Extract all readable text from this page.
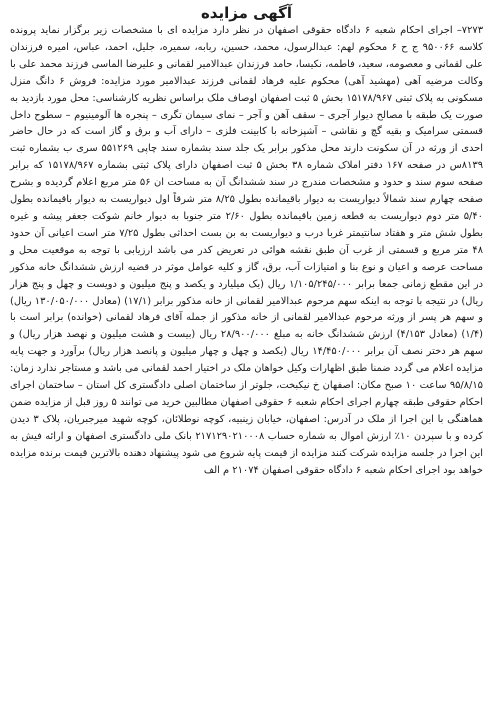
آگهی مزایده

۷۲۷۳– اجرای احکام شعبه ۶ دادگاه حقوقی اصفهان در نظر دارد مزایده ای با مشخصات زیر برگزار نماید پرونده کلاسه ۹۵۰۰۶۶ ج ح ۶ محکوم لهم: عبدالرسول، محمد، حسین، ربابه، سمیره، جلیل، احمد، عباس، امیره فرزندان علی لقمانی و معصومه، سعید، فاطمه، نکیسا، حامد فرزندان عبدالامیر لقمانی و علیرضا الماسی فرزند محمد علی با وکالت مرضیه آهی (مهشید آهی) محکوم علیه فرهاد لقمانی فرزند عبدالامیر مورد مزایده: فروش ۶ دانگ منزل مسکونی به پلاک ثبتی ۱۵۱۷۸/۹۶۷ بخش ۵ ثبت اصفهان اوصاف ملک براساس نظریه کارشناسی: محل مورد بازدید به صورت یک طبقه با مصالح دیوار آجری – سقف آهن و آجر – نمای سیمان تگری – پنجره ها آلومینیوم – سطوح داخل قسمتی سرامیک و بقیه گچ و نقاشی – آشپزخانه با کابینت فلزی – دارای آب و برق و گاز است که در حال حاضر احدی از ورثه در آن سکونت دارند محل مذکور برابر یک جلد سند بشماره سند چاپی ۵۵۱۲۶۹ سری ب بشماره ثبت ۸۱۳۹س در صفحه ۱۶۷ دفتر املاک شماره ۳۸ بخش ۵ ثبت اصفهان دارای پلاک ثبتی بشماره ۱۵۱۷۸/۹۶۷ که برابر صفحه سوم سند و حدود و مشخصات مندرج در سند ششدانگ آن به مساحت ان ۵۶ متر مربع اعلام گردیده و بشرح صفحه چهارم سند شمالاً دیواریست به دیوار باقیمانده بطول ۸/۲۵ متر شرقاً اول دیواریست به دیوار باقیمانده بطول ۵/۴۰ متر دوم دیواریست به قطعه زمین باقیمانده بطول ۲/۶۰ متر جنوبا به دیوار خانم شوکت جعفر پیشه و غیره بطول شش متر و هفتاد سانتیمتر غربا درب و دیواریست به بن بست احداثی بطول ۷/۲۵ متر است اعیانی آن حدود ۴۸ متر مربع و قسمتی از غرب آن طبق نقشه هوائی در تعریض کدر می باشد ارزیابی با توجه به موقعیت محل و مساحت عرصه و اعیان و نوع بنا و امتیازات آب، برق، گاز و کلیه عوامل موثر در قضیه ارزش ششدانگ خانه مذکور در این مقطع زمانی جمعا برابر ۱/۱۰۵/۲۴۵/۰۰۰ ریال (یک میلیارد و یکصد و پنج میلیون و دویست و چهل و پنج هزار ریال) در نتیجه با توجه به اینکه سهم مرحوم عبدالامیر لقمانی از خانه مذکور برابر (۱۷/۱) (معادل ۱۳۰/۰۵۰/۰۰۰ ریال) و سهم هر پسر از ورثه مرحوم عبدالامیر لقمانی از خانه مذکور از جمله آقای فرهاد لقمانی (خوانده) برابر است با (۱/۴) (معادل ۴/۱۵۳) ارزش ششدانگ خانه به مبلغ ۲۸/۹۰۰/۰۰۰ ریال (بیست و هشت میلیون و نهصد هزار ریال) و سهم هر دختر نصف آن برابر ۱۴/۴۵۰/۰۰۰ ریال (یکصد و چهل و چهار میلیون و پانصد هزار ریال) برآورد و جهت پایه مزایده اعلام می گردد ضمنا طبق اظهارات وکیل خواهان ملک در اختیار احمد لقمانی می باشد و مستاجر ندارد زمان: ۹۵/۸/۱۵ ساعت ۱۰ صبح مکان: اصفهان خ نیکبخت، جلوتر از ساختمان اصلی دادگستری کل استان – ساختمان اجرای احکام حقوقی طبقه چهارم اجرای احکام شعبه ۶ حقوقی اصفهان مطالبین خرید می توانند ۵ روز قبل از مزایده ضمن هماهنگی با این اجرا از ملک در آدرس: اصفهان، خیابان زینبیه، کوچه نوطلائان، کوچه شهید میرجبریان، پلاک ۳ دیدن کرده و با سپردن ۱۰٪ ارزش اموال به شماره حساب ۲۱۷۱۲۹۰۲۱۰۰۰۸ بانک ملی دادگستری اصفهان و ارائه فیش به این اجرا در جلسه مزایده شرکت کنند مزایده از قیمت پایه شروع می شود پیشنهاد دهنده بالاترین قیمت برنده مزایده خواهد بود اجرای احکام شعبه ۶ دادگاه حقوقی اصفهان ۲۱۰۷۴ م الف
